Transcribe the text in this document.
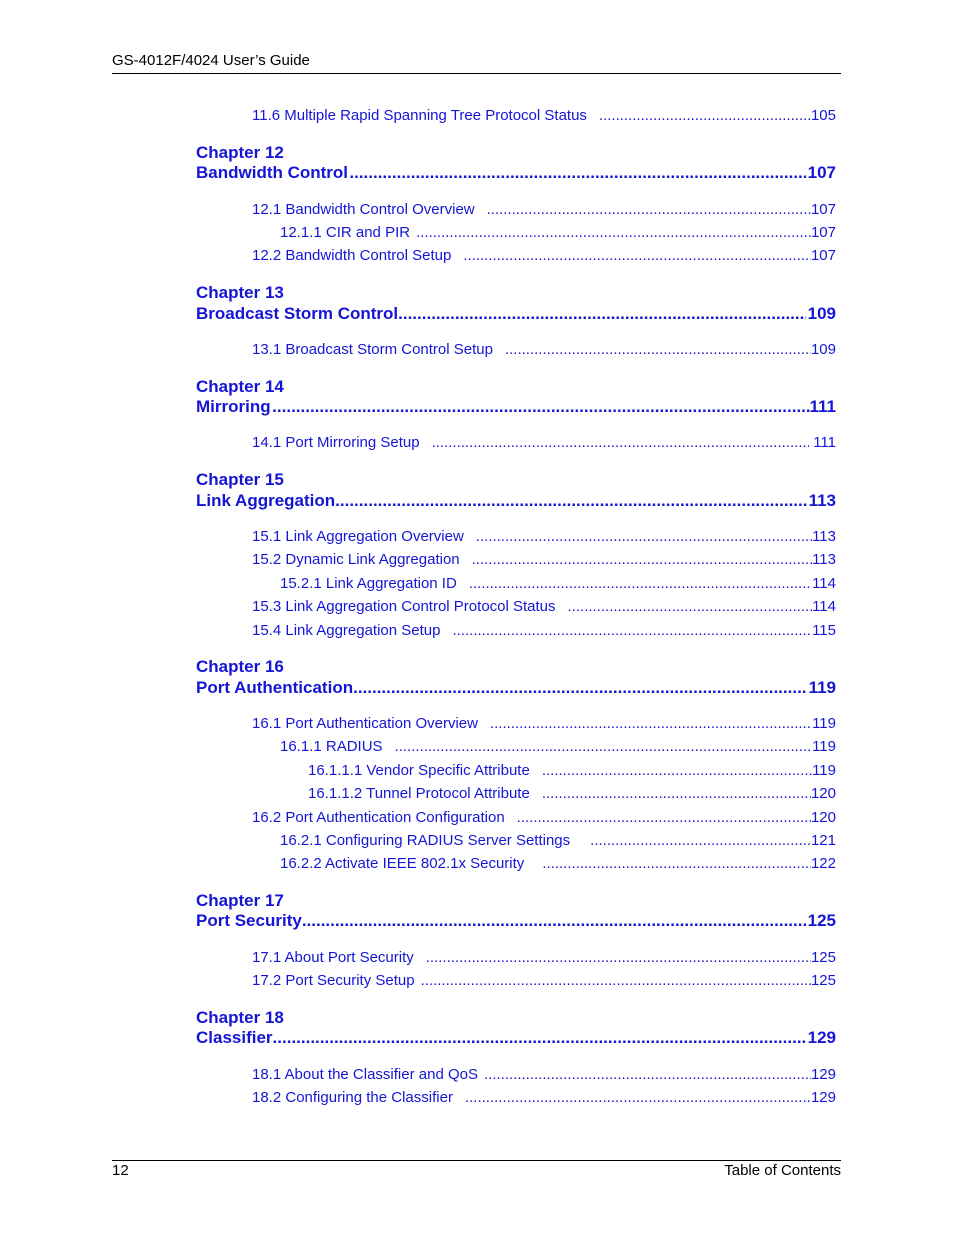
GS-4012F/4024 User’s Guide
11.6 Multiple Rapid Spanning Tree Protocol Status .....	105
Chapter 12
Bandwidth Control .....	107
12.1 Bandwidth Control Overview .....	107
12.1.1 CIR and PIR .....	107
12.2 Bandwidth Control Setup .....	107
Chapter 13
Broadcast Storm Control .....	109
13.1 Broadcast Storm Control Setup .....	109
Chapter 14
Mirroring .....	111
14.1 Port Mirroring Setup .....	111
Chapter 15
Link Aggregation .....	113
15.1 Link Aggregation Overview .....	113
15.2 Dynamic Link Aggregation .....	113
15.2.1 Link Aggregation ID .....	114
15.3 Link Aggregation Control Protocol Status .....	114
15.4 Link Aggregation Setup .....	115
Chapter 16
Port Authentication .....	119
16.1 Port Authentication Overview .....	119
16.1.1 RADIUS .....	119
16.1.1.1 Vendor Specific Attribute .....	119
16.1.1.2 Tunnel Protocol Attribute .....	120
16.2 Port Authentication Configuration .....	120
16.2.1 Configuring RADIUS Server Settings .....	121
16.2.2 Activate IEEE 802.1x Security .....	122
Chapter 17
Port Security .....	125
17.1 About Port Security .....	125
17.2 Port Security Setup .....	125
Chapter 18
Classifier .....	129
18.1 About the Classifier and QoS .....	129
18.2 Configuring the Classifier .....	129
12	Table of Contents
